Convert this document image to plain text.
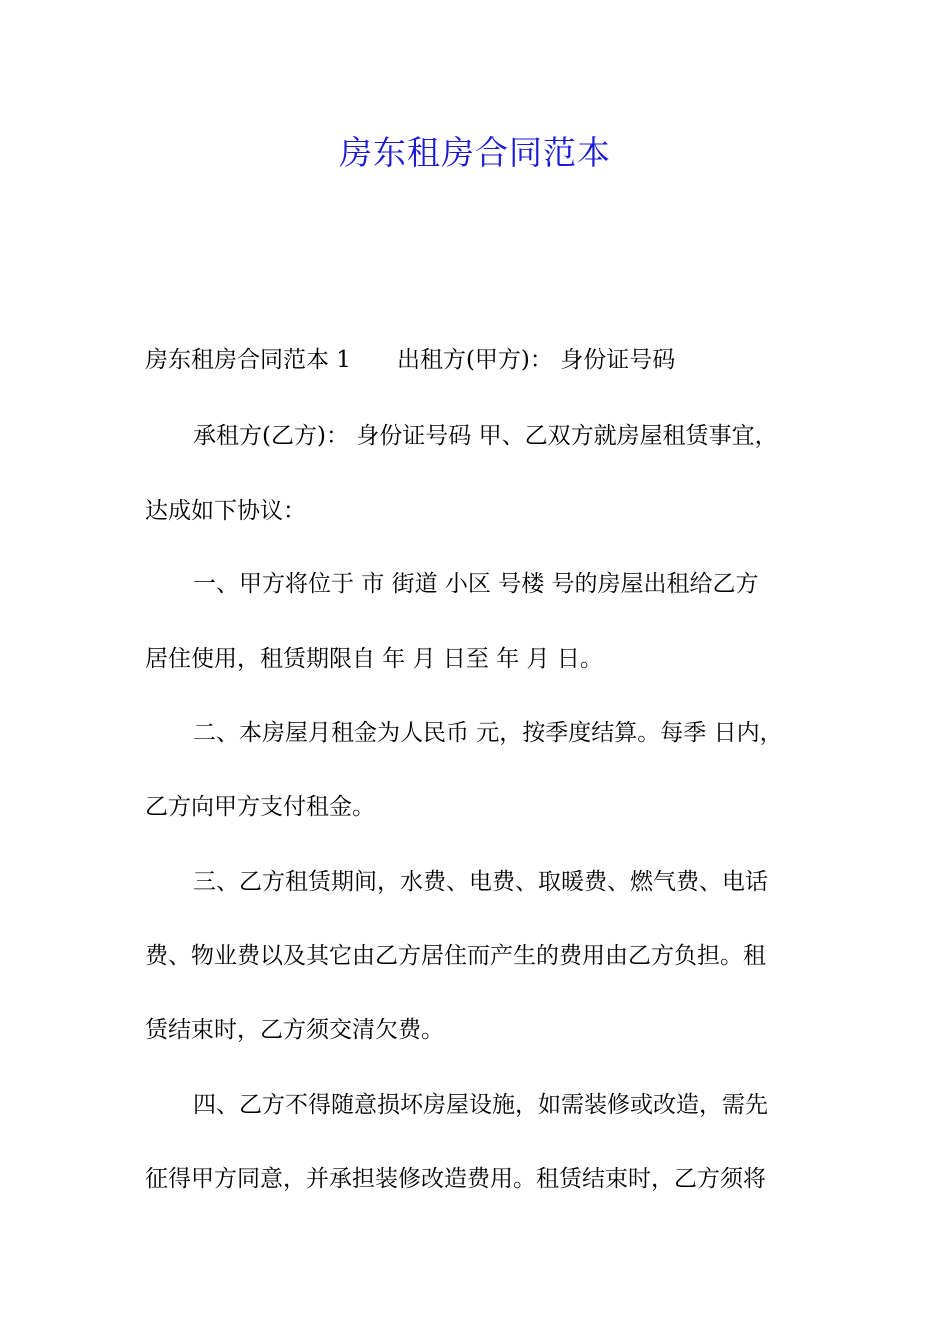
房东租房合同范本
房东租房合同范本 1 出租方(甲方)： 身份证号码
承租方(乙方)： 身份证号码 甲、乙双方就房屋租赁事宜，
达成如下协议：
一、甲方将位于 市 街道 小区 号楼 号的房屋出租给乙方
居住使用，租赁期限自 年 月 日至 年 月 日。
二、本房屋月租金为人民币 元，按季度结算。每季 日内，
乙方向甲方支付租金。
三、乙方租赁期间，水费、电费、取暖费、燃气费、电话
费、物业费以及其它由乙方居住而产生的费用由乙方负担。租
赁结束时，乙方须交清欠费。
四、乙方不得随意损坏房屋设施，如需装修或改造，需先
征得甲方同意，并承担装修改造费用。租赁结束时，乙方须将
